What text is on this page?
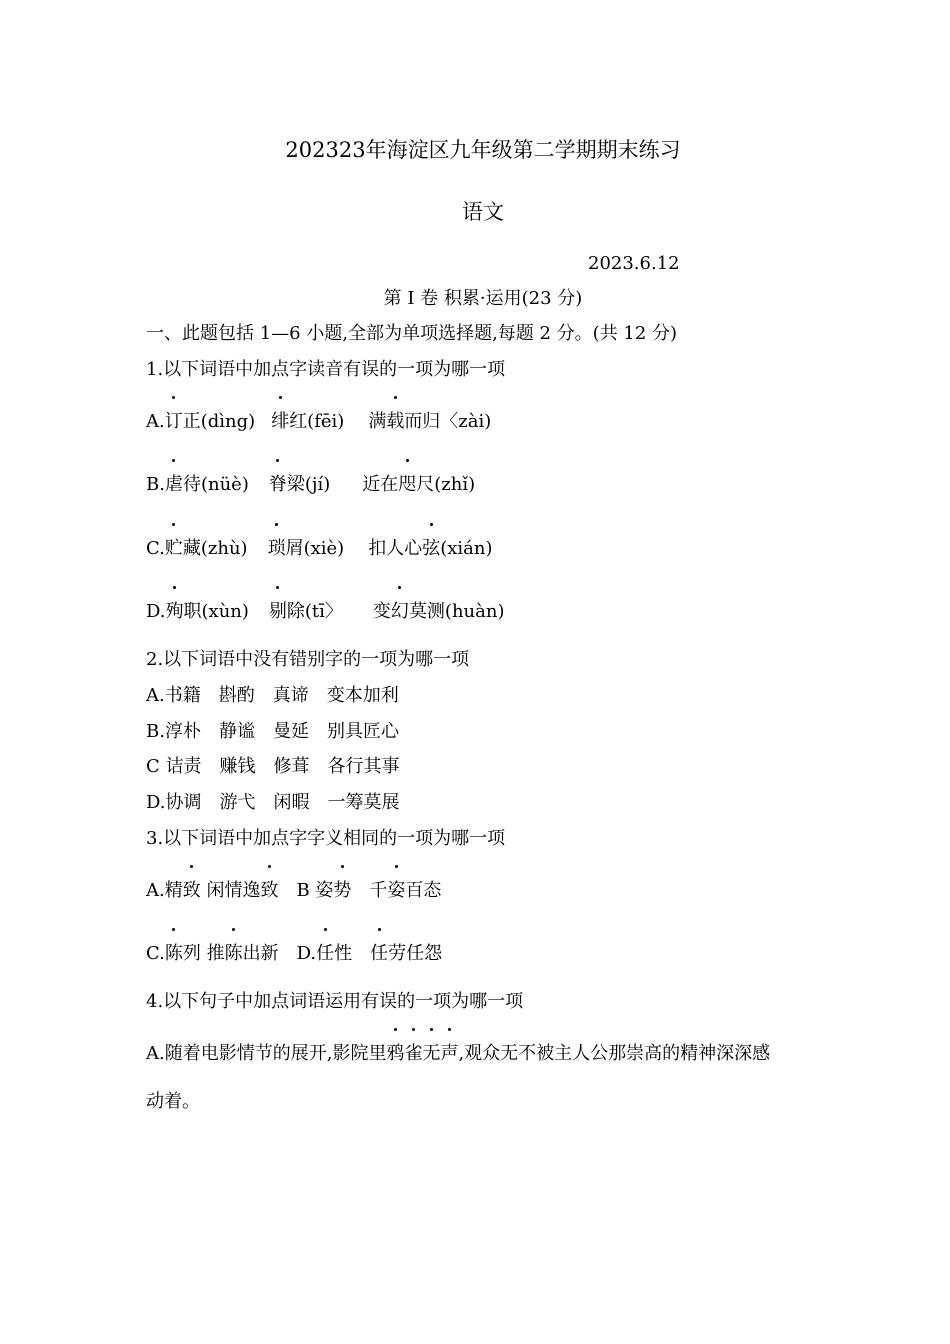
202323年海淀区九年级第二学期期末练习
语文
2023.6.12
第 I 卷 积累·运用(23 分)
一、此题包括 1—6 小题,全部为单项选择题,每题 2 分。(共 12 分)
1.以下词语中加点字读音有误的一项为哪一项
A.订正(dìng) 绯红(fēi) 满载而归〈zài)
B.虐待(nüè) 脊梁(jí) 近在咫尺(zhǐ)
C.贮藏(zhù) 琐屑(xiè) 扣人心弦(xián)
D.殉职(xùn) 剔除(tī〉 变幻莫测(huàn)
2.以下词语中没有错别字的一项为哪一项
A.书籍　斟酌　真谛　变本加利
B.淳朴　静谧　曼延　别具匠心
C 诘责　赚钱　修葺　各行其事
D.协调　游弋　闲暇　一筹莫展
3.以下词语中加点字字义相同的一项为哪一项
A.精致 闲情逸致　B 姿势　千姿百态
C.陈列 推陈出新　D.任性　任劳任怨
4.以下句子中加点词语运用有误的一项为哪一项
A.随着电影情节的展开,影院里鸦雀无声,观众无不被主人公那崇高的精神深深感
动着。
